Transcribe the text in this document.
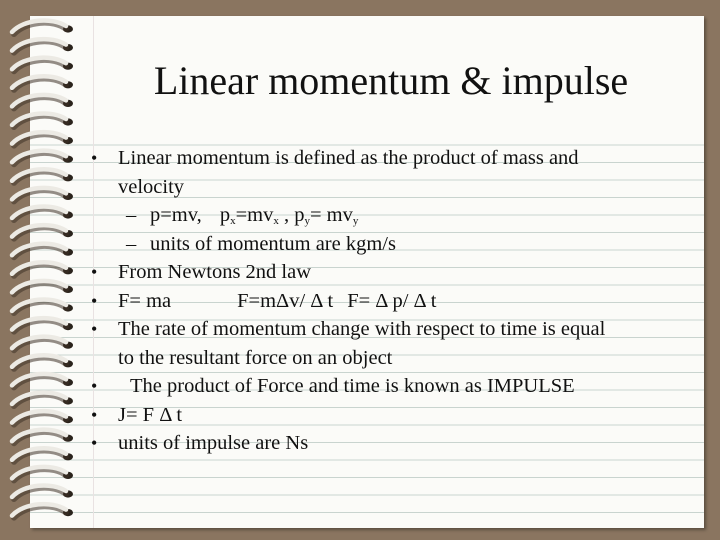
Linear momentum & impulse
• Linear momentum is defined as the product of mass and
velocity
– p=mv, $p_x=mv_x$ , $p_y= mv_y$
– units of momentum are kgm/s
• From Newtons 2nd law
• F= ma	F=mΔv/ Δ t F= Δ p/ Δ t
• The rate of momentum change with respect to time is equal
to the resultant force on an object
• The product of Force and time is known as IMPULSE
• J= F Δ t
• units of impulse are Ns
